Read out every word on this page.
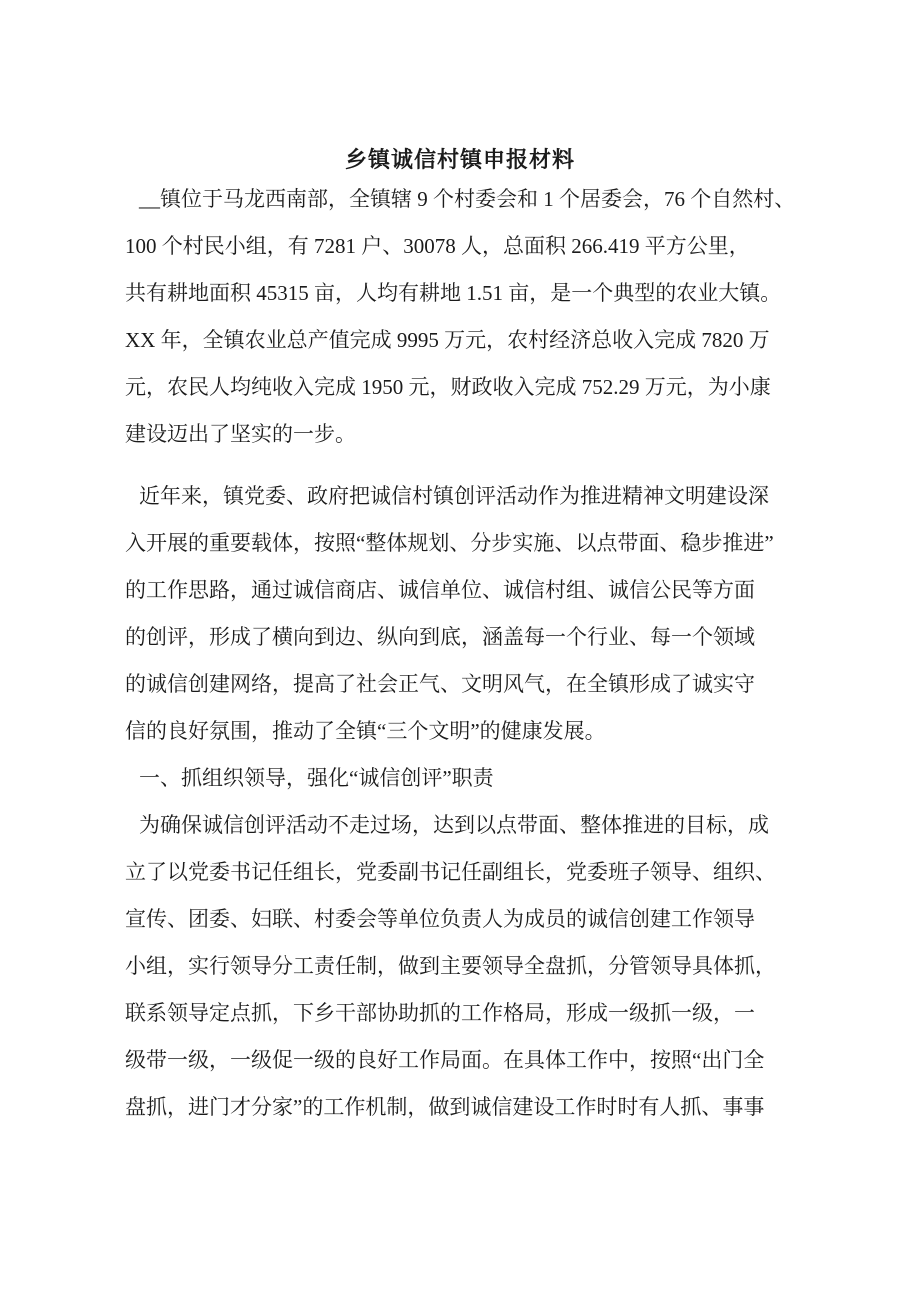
乡镇诚信村镇申报材料

__镇位于马龙西南部，全镇辖 9 个村委会和 1 个居委会，76 个自然村、

100 个村民小组，有 7281 户、30078 人，总面积 266.419 平方公里，

共有耕地面积 45315 亩，人均有耕地 1.51 亩，是一个典型的农业大镇。

XX 年，全镇农业总产值完成 9995 万元，农村经济总收入完成 7820 万

元，农民人均纯收入完成 1950 元，财政收入完成 752.29 万元，为小康

建设迈出了坚实的一步。

近年来，镇党委、政府把诚信村镇创评活动作为推进精神文明建设深

入开展的重要载体，按照“整体规划、分步实施、以点带面、稳步推进”

的工作思路，通过诚信商店、诚信单位、诚信村组、诚信公民等方面

的创评，形成了横向到边、纵向到底，涵盖每一个行业、每一个领域

的诚信创建网络，提高了社会正气、文明风气，在全镇形成了诚实守

信的良好氛围，推动了全镇“三个文明”的健康发展。

一、抓组织领导，强化“诚信创评”职责

为确保诚信创评活动不走过场，达到以点带面、整体推进的目标，成

立了以党委书记任组长，党委副书记任副组长，党委班子领导、组织、

宣传、团委、妇联、村委会等单位负责人为成员的诚信创建工作领导

小组，实行领导分工责任制，做到主要领导全盘抓，分管领导具体抓，

联系领导定点抓，下乡干部协助抓的工作格局，形成一级抓一级，一

级带一级，一级促一级的良好工作局面。在具体工作中，按照“出门全

盘抓，进门才分家”的工作机制，做到诚信建设工作时时有人抓、事事
